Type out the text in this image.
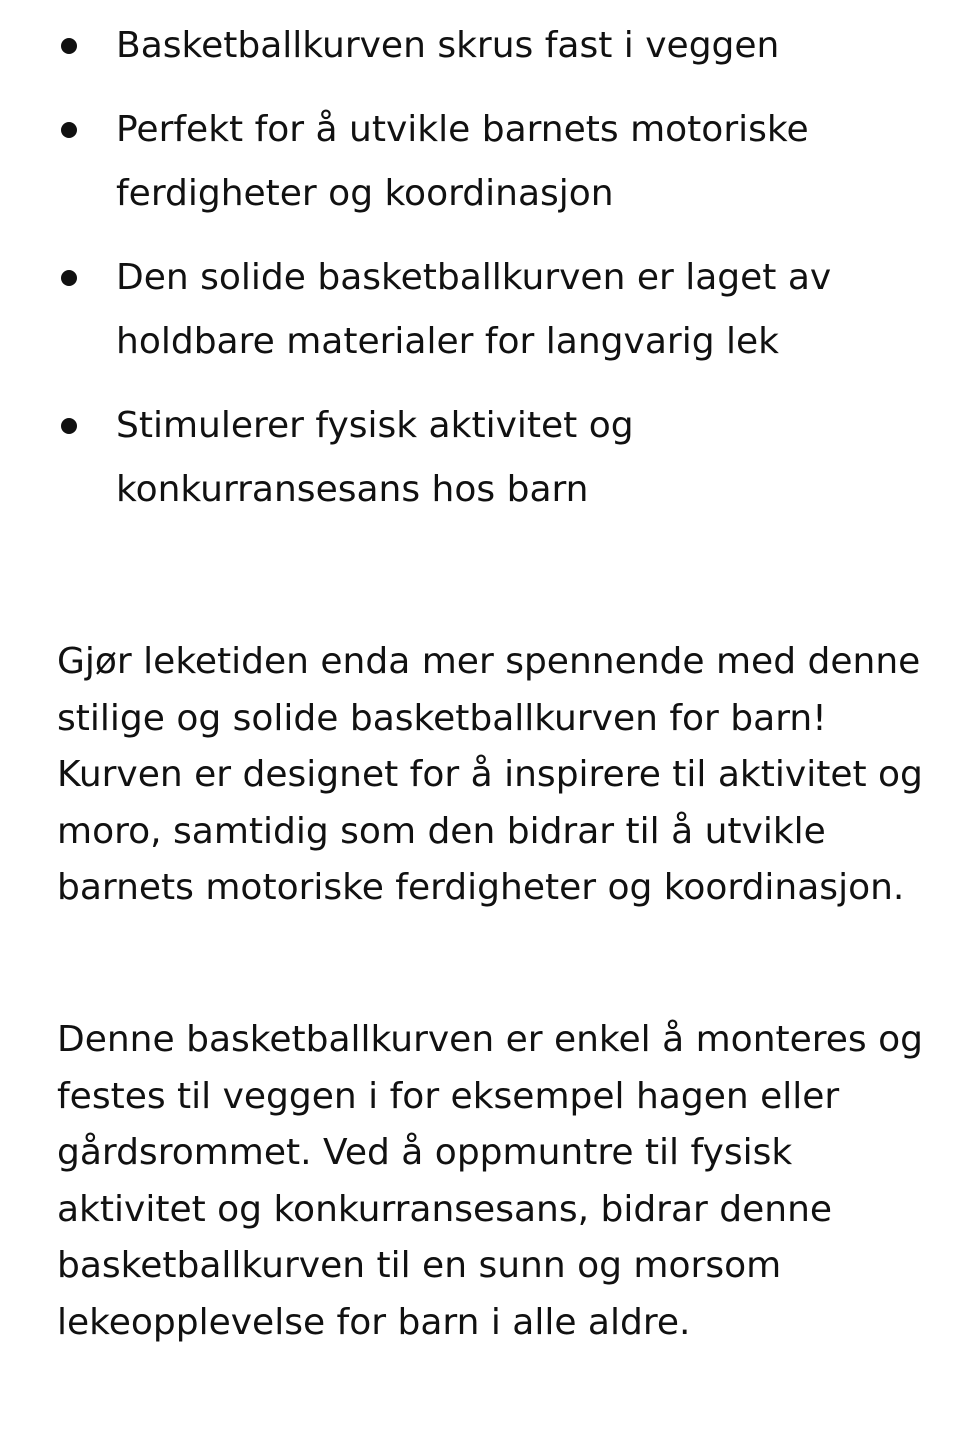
Basketballkurven skrus fast i veggen
Perfekt for å utvikle barnets motoriske ferdigheter og koordinasjon
Den solide basketballkurven er laget av holdbare materialer for langvarig lek
Stimulerer fysisk aktivitet og konkurransesans hos barn

Gjør leketiden enda mer spennende med denne stilige og solide basketballkurven for barn! Kurven er designet for å inspirere til aktivitet og moro, samtidig som den bidrar til å utvikle barnets motoriske ferdigheter og koordinasjon.

Denne basketballkurven er enkel å monteres og festes til veggen i for eksempel hagen eller gårdsrommet. Ved å oppmuntre til fysisk aktivitet og konkurransesans, bidrar denne basketballkurven til en sunn og morsom lekeopplevelse for barn i alle aldre.
